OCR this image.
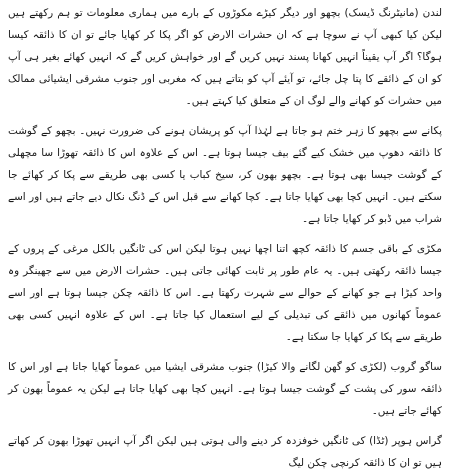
لندن (مانیٹرنگ ڈیسک) بچھو اور دیگر کیڑے مکوڑوں کے بارے میں ہماری معلومات تو ہم رکھتے ہیں لیکن کیا کبھی آپ نے سوچا ہے کہ ان حشرات الارض کو اگر پکا کر کھایا جائے تو ان کا ذائقہ کیسا ہوگا؟ اگر آپ یقیناً انہیں کھانا پسند نہیں کریں گے اور خواہش کریں گے کہ انہیں کھائے بغیر ہی آپ کو ان کے ذائقے کا پتا چل جائے، تو آیئے آپ کو بتاتے ہیں کہ مغربی اور جنوب مشرقی ایشیائی ممالک میں حشرات کو کھانے والے لوگ ان کے متعلق کیا کہتے ہیں۔

پکانے سے بچھو کا زہر ختم ہو جاتا ہے لہٰذا آپ کو پریشان ہونے کی ضرورت نہیں۔ بچھو کے گوشت کا ذائقہ دھوپ میں خشک کیے گئے بیف جیسا ہوتا ہے۔ اس کے علاوہ اس کا ذائقہ تھوڑا سا مچھلی کے گوشت جیسا بھی ہوتا ہے۔ بچھو بھون کر، سیخ کباب یا کسی بھی طریقے سے پکا کر کھائے جا سکتے ہیں۔ انہیں کچا بھی کھایا جاتا ہے۔ کچا کھانے سے قبل اس کے ڈنگ نکال دیے جاتے ہیں اور اسے شراب میں ڈبو کر کھایا جاتا ہے۔

مکڑی کے باقی جسم کا ذائقہ کچھ اتنا اچھا نہیں ہوتا لیکن اس کی ٹانگیں بالکل مرغی کے پروں کے جیسا ذائقہ رکھتی ہیں۔ یہ عام طور پر ثابت کھائی جاتی ہیں۔ حشرات الارض میں سے جھینگر وہ واحد کیڑا ہے جو کھانے کے حوالے سے شہرت رکھتا ہے۔ اس کا ذائقہ چکن جیسا ہوتا ہے اور اسے عموماً کھانوں میں ذائقے کی تبدیلی کے لیے استعمال کیا جاتا ہے۔ اس کے علاوہ انہیں کسی بھی طریقے سے پکا کر کھایا جا سکتا ہے۔

ساگو گروب (لکڑی کو گھن لگانے والا کیڑا) جنوب مشرقی ایشیا میں عموماً کھایا جاتا ہے اور اس کا ذائقہ سور کی پشت کے گوشت جیسا ہوتا ہے۔ انہیں کچا بھی کھایا جاتا ہے لیکن یہ عموماً بھون کر کھائے جاتے ہیں۔

گراس ہوپر (ٹڈا) کی ٹانگیں خوفزدہ کر دینے والی ہوتی ہیں لیکن اگر آپ انہیں تھوڑا بھون کر کھاتے ہیں تو ان کا ذائقہ کرنچی چکن لیگ
